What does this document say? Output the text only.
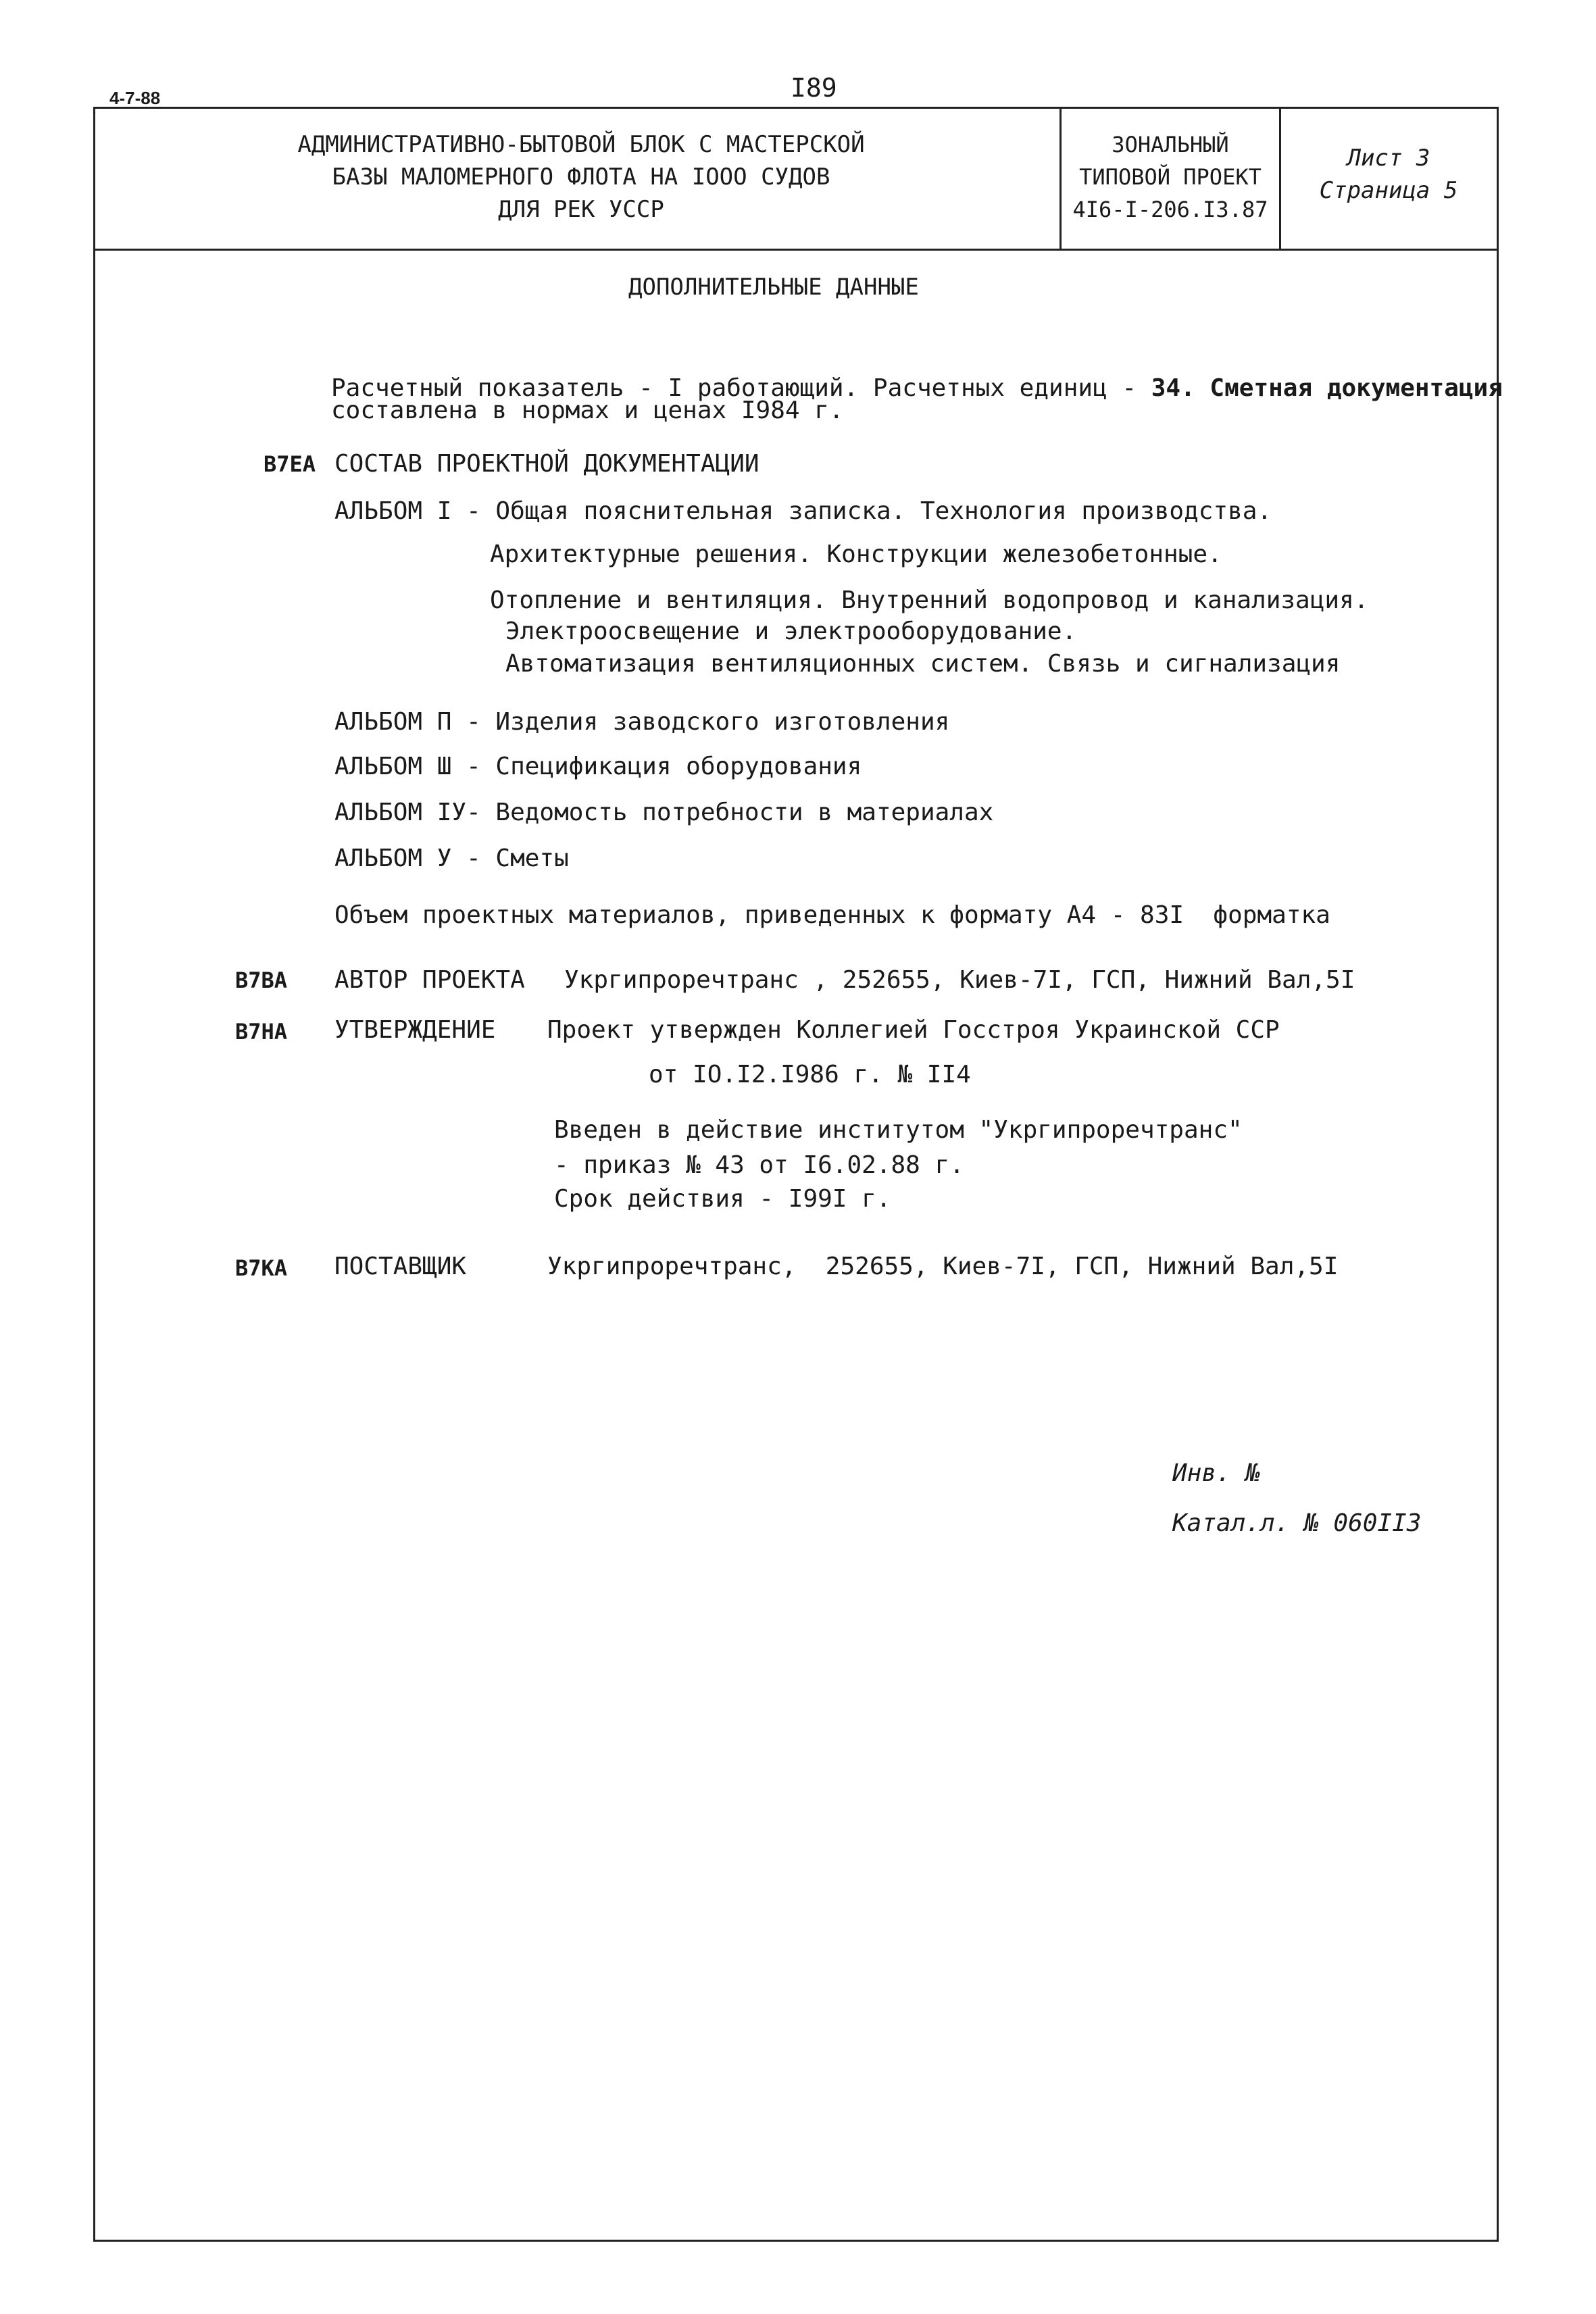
4-7-88	I89
АДМИНИСТРАТИВНО-БЫТОВОЙ БЛОК С МАСТЕРСКОЙ
БАЗЫ МАЛОМЕРНОГО ФЛОТА НА IOOO СУДОВ
ДЛЯ РЕК УССР
ЗОНАЛЬНЫЙ
ТИПОВОЙ ПРОЕКТ
4I6-I-206.I3.87
Лист 3
Страница 5
ДОПОЛНИТЕЛЬНЫЕ ДАННЫЕ
Расчетный показатель - I работающий. Расчетных единиц - 34. Сметная документация
составлена в нормах и ценах I984 г.
В7ЕА СОСТАВ ПРОЕКТНОЙ ДОКУМЕНТАЦИИ
АЛЬБОМ I - Общая пояснительная записка. Технология производства.
Архитектурные решения. Конструкции железобетонные.
Отопление и вентиляция. Внутренний водопровод и канализация.
Электроосвещение и электрооборудование.
Автоматизация вентиляционных систем. Связь и сигнализация
АЛЬБОМ П - Изделия заводского изготовления
АЛЬБОМ Ш - Спецификация оборудования
АЛЬБОМ IУ- Ведомость потребности в материалах
АЛЬБОМ У - Сметы
Объем проектных материалов, приведенных к формату А4 - 83I  форматка
В7ВА АВТОР ПРОЕКТА Укргипроречтранс , 252655, Киев-7I, ГСП, Нижний Вал,5I
В7НА УТВЕРЖДЕНИЕ Проект утвержден Коллегией Госстроя Украинской ССР
от IO.I2.I986 г. № II4
Введен в действие институтом "Укргипроречтранс"
- приказ № 43 от I6.02.88 г.
Срок действия - I99I г.
В7КА ПОСТАВЩИК	Укргипроречтранс,  252655, Киев-7I, ГСП, Нижний Вал,5I
Инв. №
Катал.л. № 060II3
